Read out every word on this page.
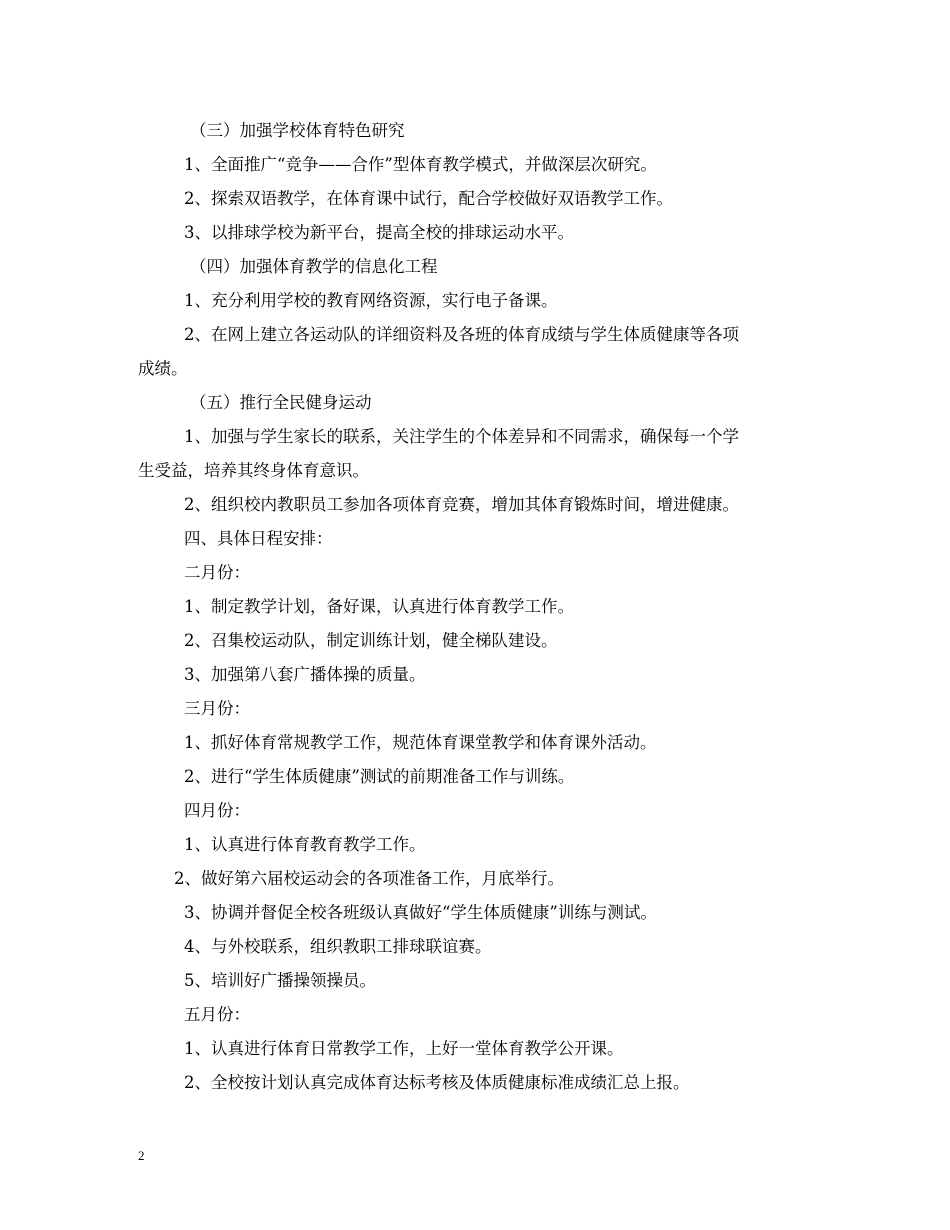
（三）加强学校体育特色研究
1、全面推广“竞争——合作”型体育教学模式，并做深层次研究。
2、探索双语教学，在体育课中试行，配合学校做好双语教学工作。
3、以排球学校为新平台，提高全校的排球运动水平。
（四）加强体育教学的信息化工程
1、充分利用学校的教育网络资源，实行电子备课。
2、在网上建立各运动队的详细资料及各班的体育成绩与学生体质健康等各项
成绩。
（五）推行全民健身运动
1、加强与学生家长的联系，关注学生的个体差异和不同需求，确保每一个学
生受益，培养其终身体育意识。
2、组织校内教职员工参加各项体育竞赛，增加其体育锻炼时间，增进健康。
四、具体日程安排：
二月份：
1、制定教学计划，备好课，认真进行体育教学工作。
2、召集校运动队，制定训练计划，健全梯队建设。
3、加强第八套广播体操的质量。
三月份：
1、抓好体育常规教学工作，规范体育课堂教学和体育课外活动。
2、进行“学生体质健康”测试的前期准备工作与训练。
四月份：
1、认真进行体育教育教学工作。
2、做好第六届校运动会的各项准备工作，月底举行。
3、协调并督促全校各班级认真做好“学生体质健康”训练与测试。
4、与外校联系，组织教职工排球联谊赛。
5、培训好广播操领操员。
五月份：
1、认真进行体育日常教学工作，上好一堂体育教学公开课。
2、全校按计划认真完成体育达标考核及体质健康标准成绩汇总上报。
2
